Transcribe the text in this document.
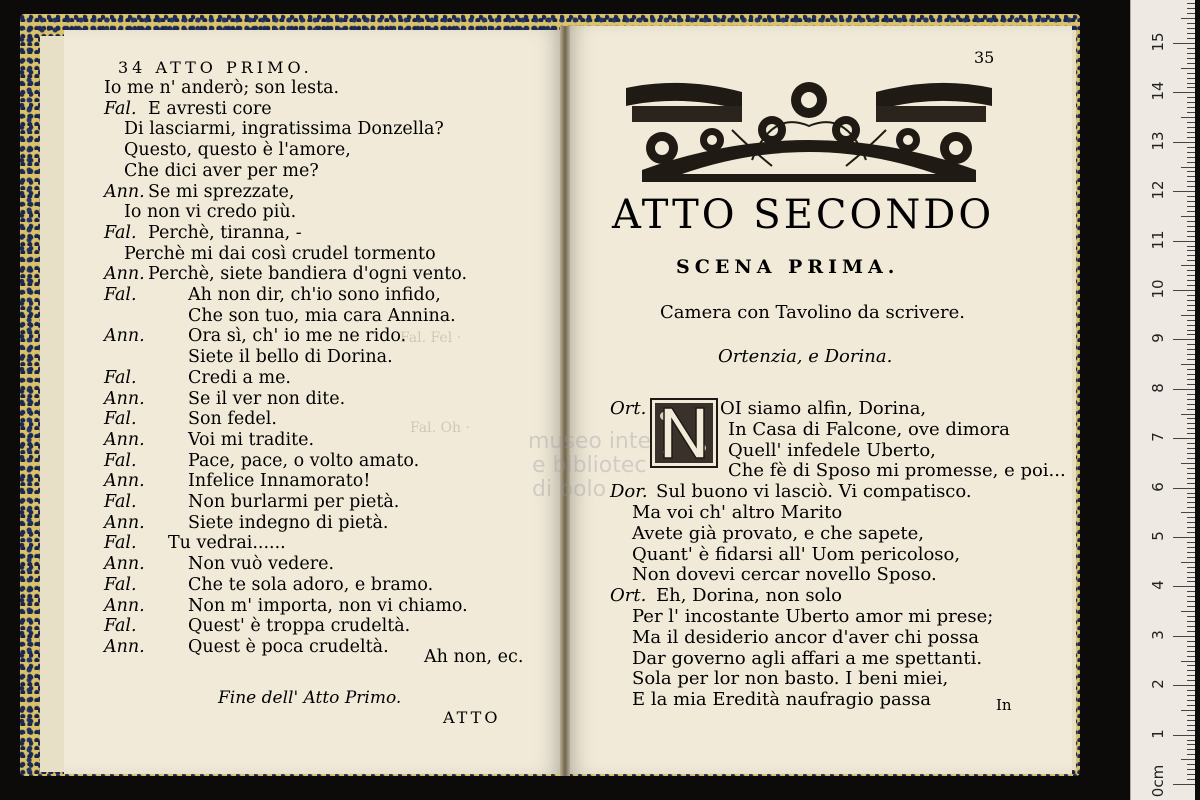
Fal. Fel ·
Fal. Oh ·
34 ATTO PRIMO.
Io me n' anderò; son lesta.
Fal. E avresti core
Di lasciarmi, ingratissima Donzella?
Questo, questo è l'amore,
Che dici aver per me?
Ann. Se mi sprezzate,
Io non vi credo più.
Fal. Perchè, tiranna, -
Perchè mi dai così crudel tormento
Ann. Perchè, siete bandiera d'ogni vento.
Fal.	Ah non dir, ch'io sono infido,
Che son tuo, mia cara Annina.
Ann. Ora sì, ch' io me ne rido.
Siete il bello di Dorina.
Fal.	Credi a me.
Ann. Se il ver non dite.
Fal.	Son fedel.
Ann. Voi mi tradite.
Fal.	Pace, pace, o volto amato.
Ann. Infelice Innamorato!
Fal.	Non burlarmi per pietà.
Ann. Siete indegno di pietà.
Fal. Tu vedrai......
Ann. Non vuò vedere.
Fal.	Che te sola adoro, e bramo.
Ann. Non m' importa, non vi chiamo.
Fal.	Quest' è troppa crudeltà.
Ann. Quest è poca crudeltà.
Ah non, ec.
Fine dell' Atto Primo.
ATTO
35
ATTO SECONDO
SCENA PRIMA.
Camera con Tavolino da scrivere.
Ortenzia, e Dorina.
Ort.	OI siamo alfin, Dorina,
In Casa di Falcone, ove dimora
Quell' infedele Uberto,
Che fè di Sposo mi promesse, e poi...
Dor. Sul buono vi lasciò. Vi compatisco.
Ma voi ch' altro Marito
Avete già provato, e che sapete,
Quant' è fidarsi all' Uom pericoloso,
Non dovevi cercar novello Sposo.
Ort. Eh, Dorina, non solo
Per l' incostante Uberto amor mi prese;
Ma il desiderio ancor d'aver chi possa
Dar governo agli affari a me spettanti.
Sola per lor non basto. I beni miei,
E la mia Eredità naufragio passa	In
museo inte
e bibliotec
di bolo
0cm
1
2
3
4
5
6
7
8
9
10
11
12
13
14
15
